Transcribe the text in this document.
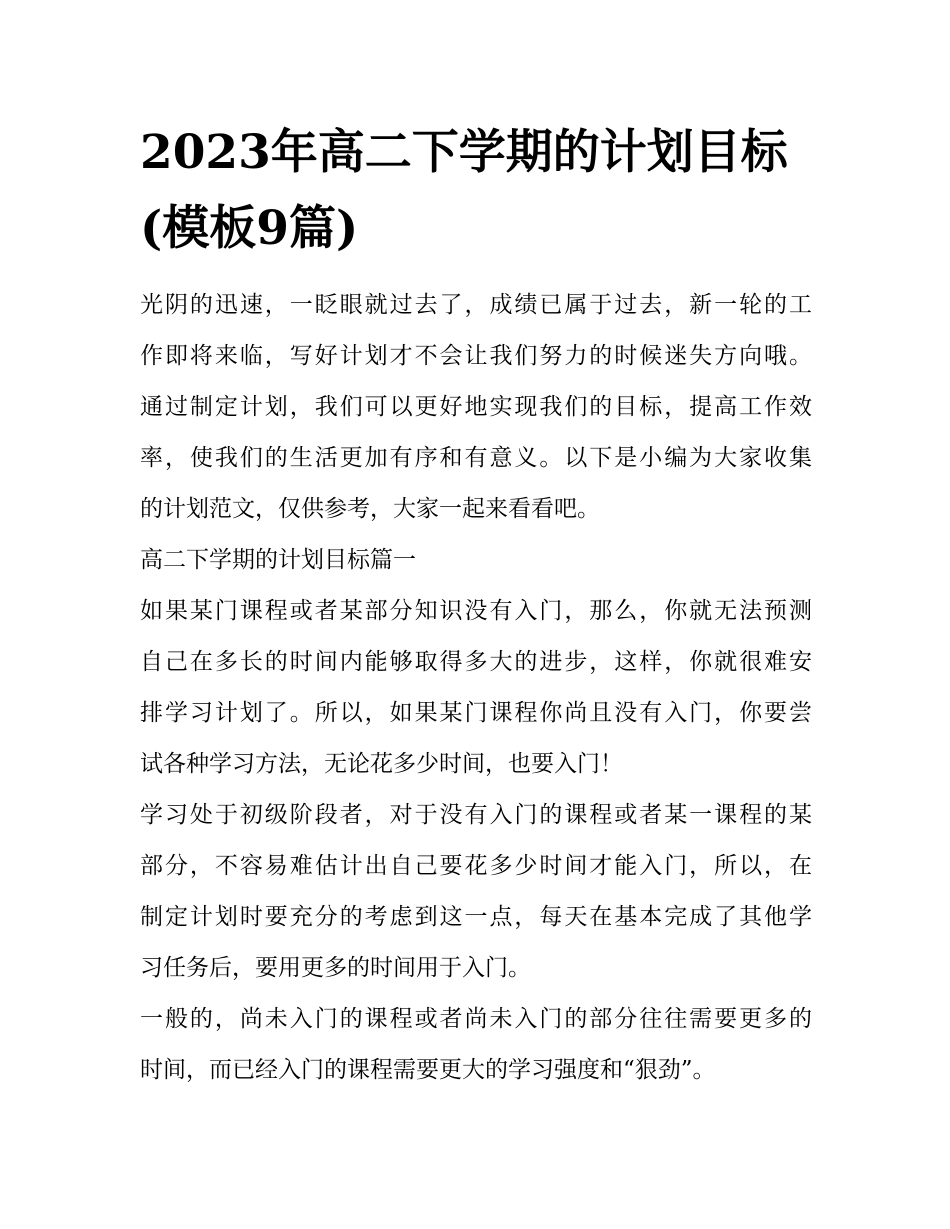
2023年高二下学期的计划目标
(模板9篇)

光阴的迅速，一眨眼就过去了，成绩已属于过去，新一轮的工
作即将来临，写好计划才不会让我们努力的时候迷失方向哦。
通过制定计划，我们可以更好地实现我们的目标，提高工作效
率，使我们的生活更加有序和有意义。以下是小编为大家收集
的计划范文，仅供参考，大家一起来看看吧。

高二下学期的计划目标篇一

如果某门课程或者某部分知识没有入门，那么，你就无法预测
自己在多长的时间内能够取得多大的进步，这样，你就很难安
排学习计划了。所以，如果某门课程你尚且没有入门，你要尝
试各种学习方法，无论花多少时间，也要入门！

学习处于初级阶段者，对于没有入门的课程或者某一课程的某
部分，不容易难估计出自己要花多少时间才能入门，所以，在
制定计划时要充分的考虑到这一点，每天在基本完成了其他学
习任务后，要用更多的时间用于入门。

一般的，尚未入门的课程或者尚未入门的部分往往需要更多的
时间，而已经入门的课程需要更大的学习强度和“狠劲”。
